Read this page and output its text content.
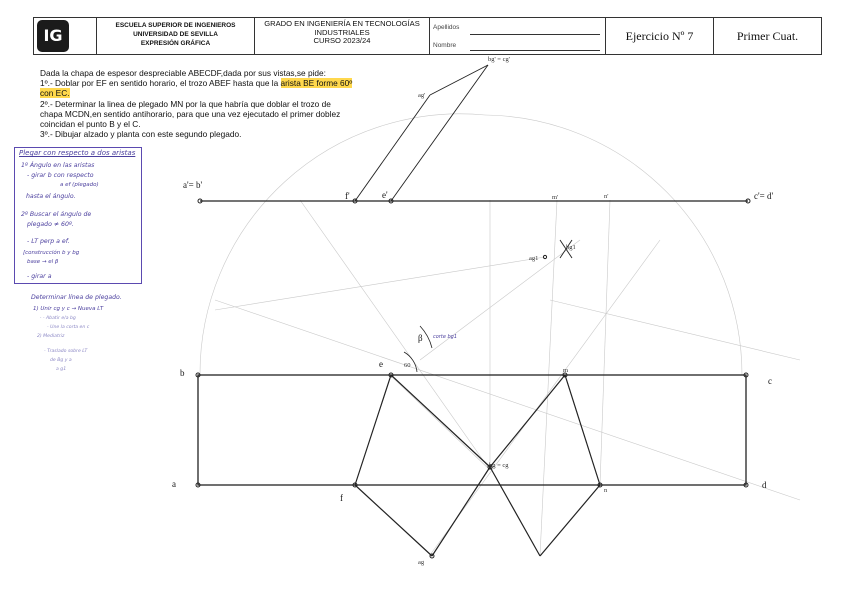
IG
ESCUELA SUPERIOR DE INGENIEROS
UNIVERSIDAD DE SEVILLA
EXPRESIÓN GRÁFICA
GRADO EN INGENIERÍA EN TECNOLOGÍAS
INDUSTRIALES
CURSO 2023/24
Apellidos
Nombre
Ejercicio Nº 7	Primer Cuat.

Dada la chapa de espesor despreciable ABECDF,dada por sus vistas,se pide:

1º.- Doblar por EF en sentido horario, el trozo ABEF hasta que la arista BE forme 60º

con EC.

2º.- Determinar la linea de plegado MN por la que habría que doblar el trozo de

chapa MCDN,en sentido antihorario, para que una vez ejecutado el primer doblez

coincidan el punto B y el C.

3º.- Dibujar alzado y planta con este segundo plegado.

Plegar con respecto a dos aristas
1º Ángulo en las aristas
- girar b con respecto
a ef (plegado)
hasta el ángulo.
2º Buscar el ángulo de
plegado ≠ 60º.
- LT perp a ef.
[construcción b y bg
base → el β
- girar a
Determinar línea de plegado.
1) Unir cg y c → Nueva LT
· - Abatir e/a bg
- Une la corta en c
2) Mediatriz
- Traslado sobre LT
de Bg y a
a g1
a'= b'
c'= d'
f'	e'
ag'
bg' = cg'
m'	n'
b
c
a	d
e
f
m
n
ag
bg = cg
ag1
bg1
60
β corte bg1
